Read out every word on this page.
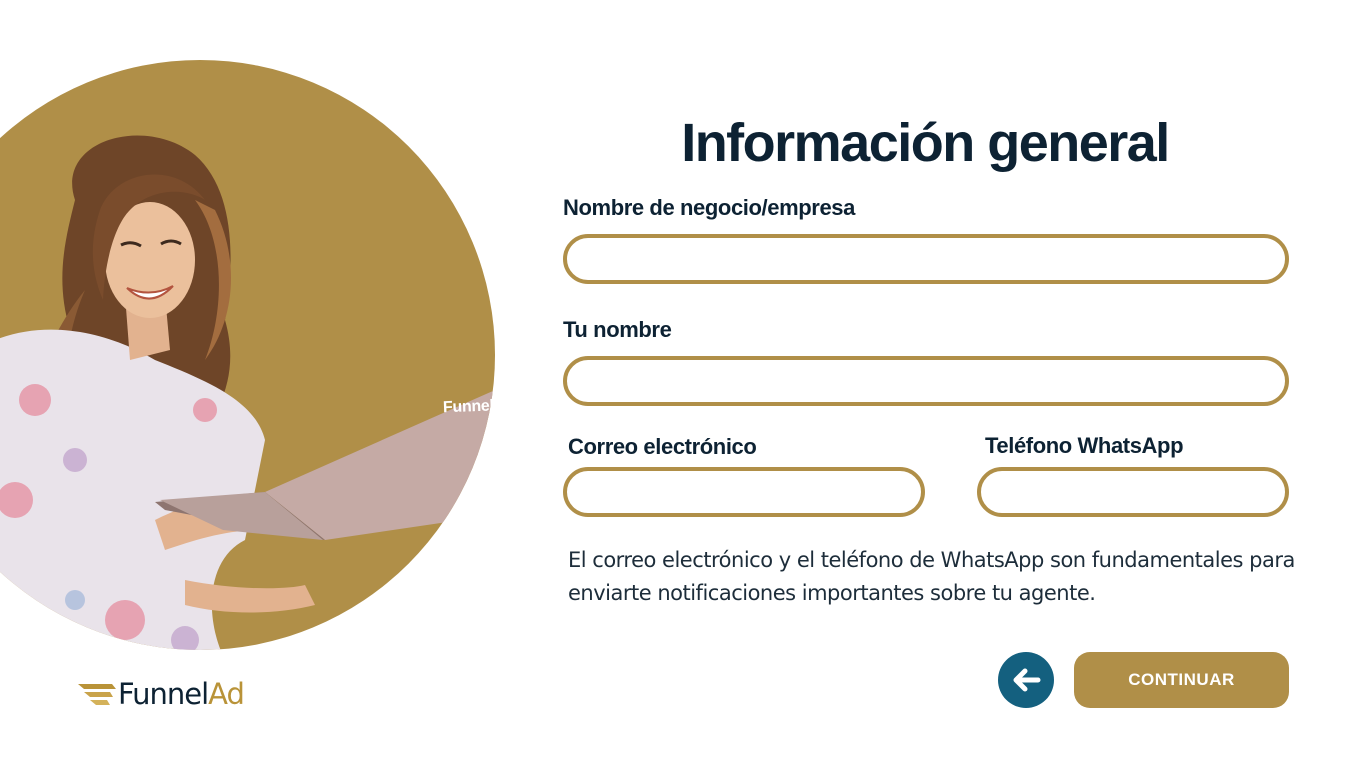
FunnelAd
FunnelAd
Información general
Nombre de negocio/empresa
Tu nombre
Correo electrónico	Teléfono WhatsApp

El correo electrónico y el teléfono de WhatsApp son fundamentales para enviarte notificaciones importantes sobre tu agente.

CONTINUAR
